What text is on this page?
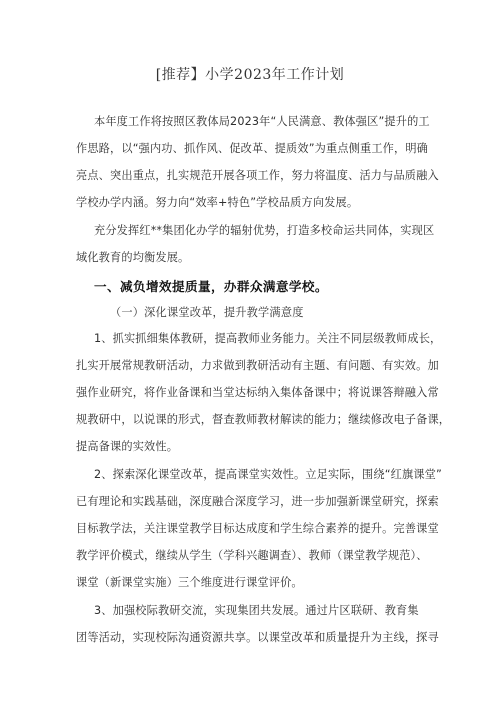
[推荐】小学2023年工作计划
本年度工作将按照区教体局2023年“人民满意、教体强区”提升的工
作思路，以“强内功、抓作风、促改革、提质效”为重点侧重工作，明确
亮点、突出重点，扎实规范开展各项工作，努力将温度、活力与品质融入
学校办学内涵。努力向“效率+特色”学校品质方向发展。
充分发挥红**集团化办学的辐射优势，打造多校命运共同体，实现区
域化教育的均衡发展。
一、减负增效提质量，办群众满意学校。
（一）深化课堂改革，提升教学满意度
1、抓实抓细集体教研，提高教师业务能力。关注不同层级教师成长，
扎实开展常规教研活动，力求做到教研活动有主题、有问题、有实效。加
强作业研究，将作业备课和当堂达标纳入集体备课中；将说课答辩融入常
规教研中，以说课的形式，督查教师教材解读的能力；继续修改电子备课，
提高备课的实效性。
2、探索深化课堂改革，提高课堂实效性。立足实际，围绕“红旗课堂”
已有理论和实践基础，深度融合深度学习，进一步加强新课堂研究，探索
目标教学法，关注课堂教学目标达成度和学生综合素养的提升。完善课堂
教学评价模式，继续从学生（学科兴趣调查）、教师（课堂教学规范）、
课堂（新课堂实施）三个维度进行课堂评价。
3、加强校际教研交流，实现集团共发展。通过片区联研、教育集
团等活动，实现校际沟通资源共享。以课堂改革和质量提升为主线，探寻
